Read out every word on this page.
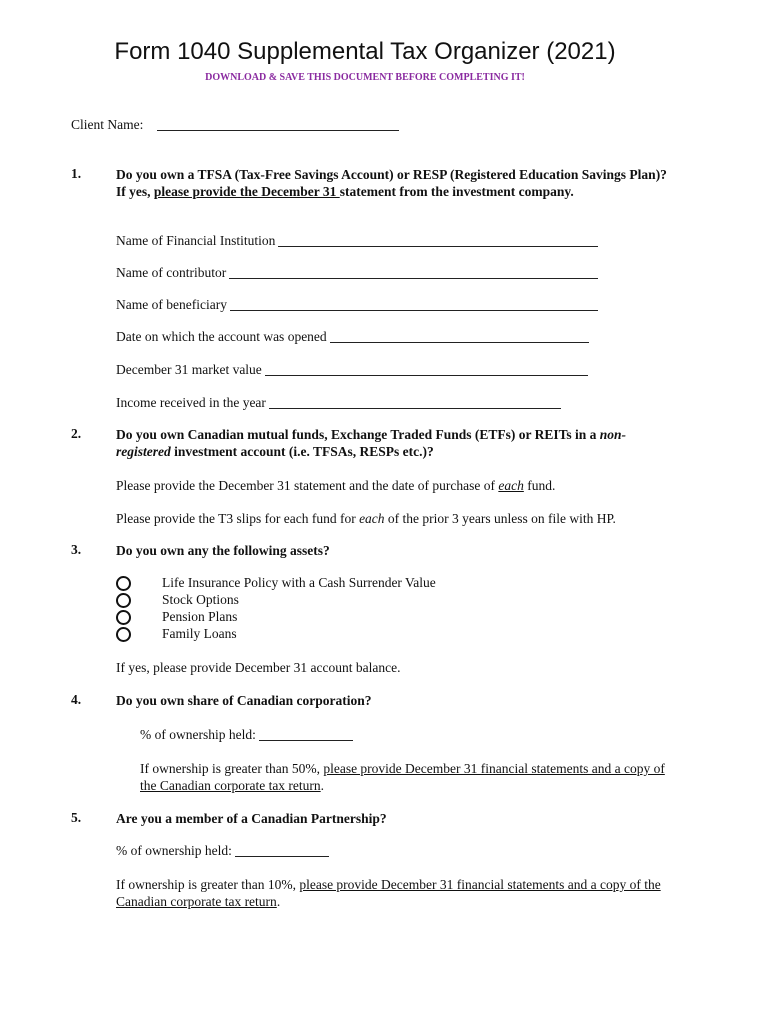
Form 1040 Supplemental Tax Organizer (2021)
DOWNLOAD & SAVE THIS DOCUMENT BEFORE COMPLETING IT!
Client Name:
1.	Do you own a TFSA (Tax-Free Savings Account) or RESP (Registered Education Savings Plan)? If yes, please provide the December 31 statement from the investment company.
Name of Financial Institution
Name of contributor
Name of beneficiary
Date on which the account was opened
December 31 market value
Income received in the year
2.	Do you own Canadian mutual funds, Exchange Traded Funds (ETFs) or REITs in a non-registered investment account (i.e. TFSAs, RESPs etc.)?
Please provide the December 31 statement and the date of purchase of each fund.
Please provide the T3 slips for each fund for each of the prior 3 years unless on file with HP.
3.	Do you own any the following assets?
Life Insurance Policy with a Cash Surrender Value
Stock Options
Pension Plans
Family Loans
If yes, please provide December 31 account balance.
4.	Do you own share of Canadian corporation?
% of ownership held:
If ownership is greater than 50%, please provide December 31 financial statements and a copy of the Canadian corporate tax return.
5.	Are you a member of a Canadian Partnership?
% of ownership held:
If ownership is greater than 10%, please provide December 31 financial statements and a copy of the Canadian corporate tax return.
